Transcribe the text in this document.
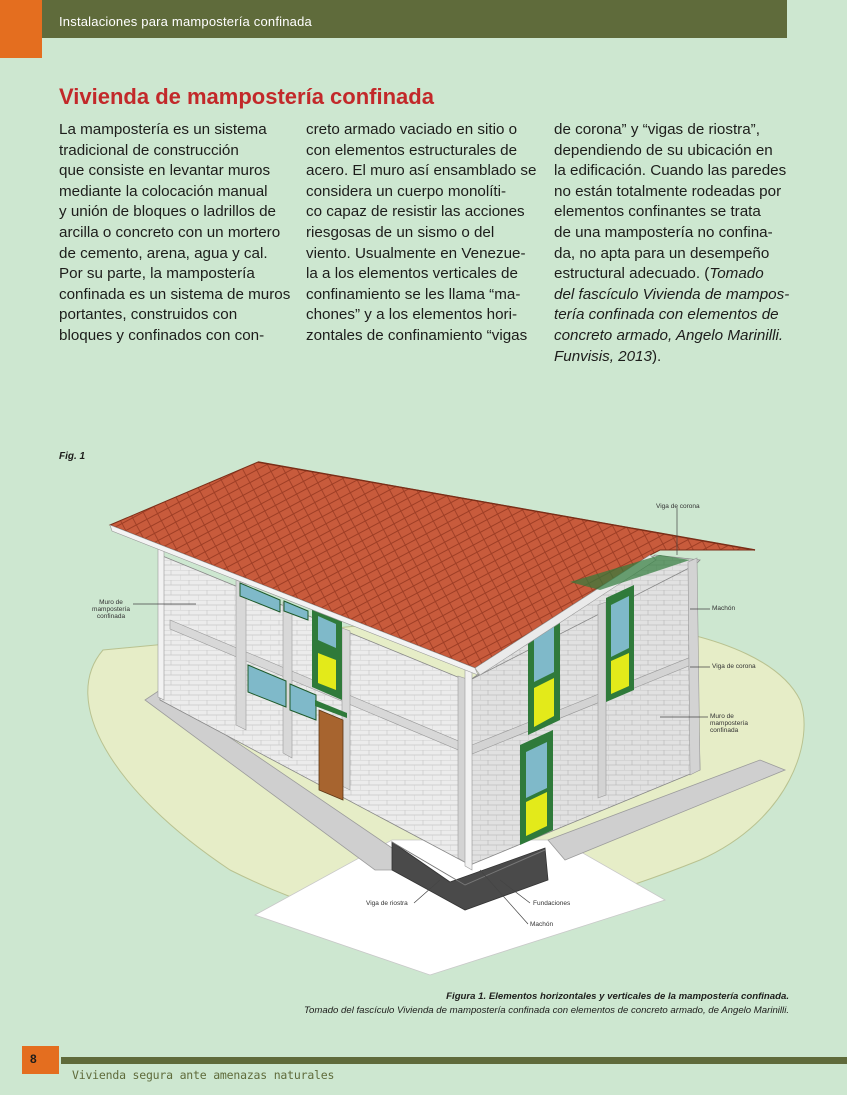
Instalaciones para mampostería confinada
Vivienda de mampostería confinada
La mampostería es un sistema
tradicional de construcción
que consiste en levantar muros
mediante la colocación manual
y unión de bloques o ladrillos de
arcilla o concreto con un mortero
de cemento, arena, agua y cal.
Por su parte, la mampostería
confinada es un sistema de muros
portantes, construidos con
bloques y confinados con con-
creto armado vaciado en sitio o
con elementos estructurales de
acero. El muro así ensamblado se
considera un cuerpo monolíti-
co capaz de resistir las acciones
riesgosas de un sismo o del
viento. Usualmente en Venezue-
la a los elementos verticales de
confinamiento se les llama “ma-
chones” y a los elementos hori-
zontales de confinamiento “vigas
de corona” y “vigas de riostra”,
dependiendo de su ubicación en
la edificación. Cuando las paredes
no están totalmente rodeadas por
elementos confinantes se trata
de una mampostería no confina-
da, no apta para un desempeño
estructural adecuado. (Tomado
del fascículo Vivienda de mampos-
tería confinada con elementos de
concreto armado, Angelo Marinilli.
Funvisis, 2013).
Fig. 1
Muro de
mampostería
confinada
Viga de corona
Machón
Viga de corona
Muro de
mampostería
confinada
Viga de riostra	Fundaciones
Machón
Figura 1. Elementos horizontales y verticales de la mampostería confinada.
Tomado del fascículo Vivienda de mampostería confinada con elementos de concreto armado, de Angelo Marinilli.
8
Vivienda segura ante amenazas naturales
